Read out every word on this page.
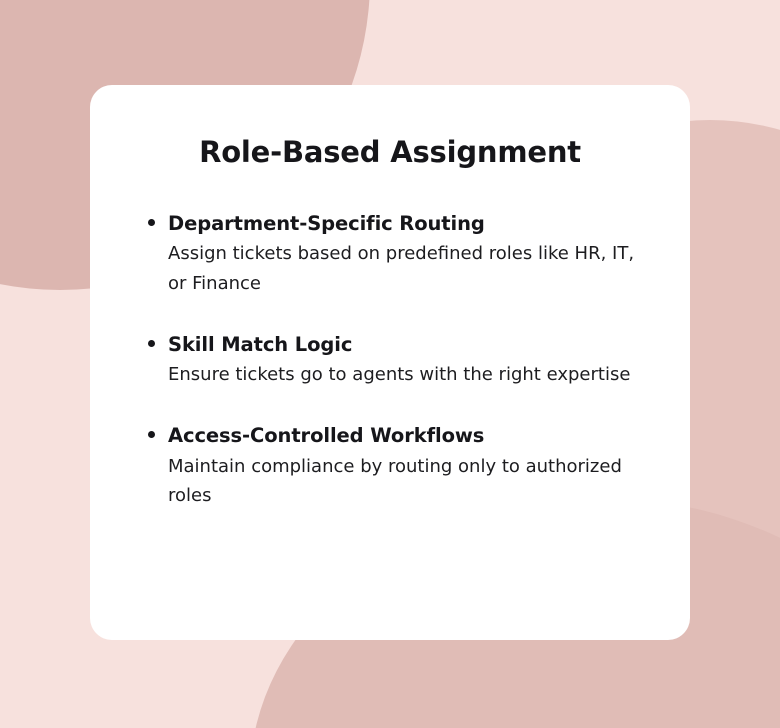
Role-Based Assignment
Department-Specific Routing
Assign tickets based on predefined roles like HR, IT, or Finance
Skill Match Logic
Ensure tickets go to agents with the right expertise
Access-Controlled Workflows
Maintain compliance by routing only to authorized roles
